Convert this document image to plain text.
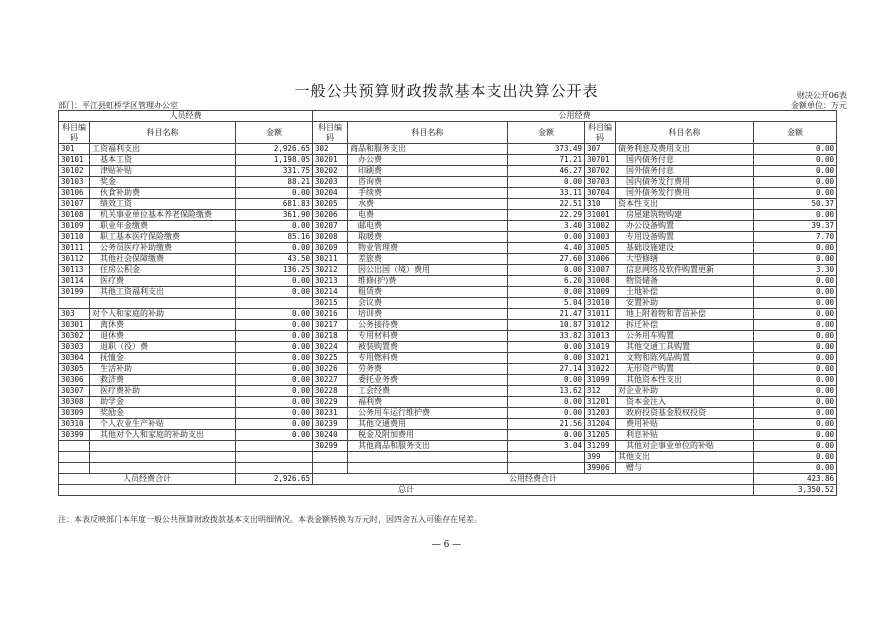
一般公共预算财政拨款基本支出决算公开表	财决公开06表
部门：平江县虹桥学区管理办公室	金额单位：万元
人员经费			公用经费					
科目编码	科目名称	金额	科目编码	科目名称	金额	科目编码	科目名称	金额
301	工资福利支出	2,926.65	302	商品和服务支出	373.49	307	债务利息及费用支出	0.00
30101	　基本工资	1,198.05	30201	　办公费	71.21	30701	　国内债务付息	0.00
30102	　津贴补贴	331.75	30202	　印刷费	46.27	30702	　国外债务付息	0.00
30103	　奖金	88.21	30203	　咨询费	0.00	30703	　国内债务发行费用	0.00
30106	　伙食补助费	0.00	30204	　手续费	33.11	30704	　国外债务发行费用	0.00
30107	　绩效工资	681.83	30205	　水费	22.51	310	资本性支出	50.37
30108	　机关事业单位基本养老保险缴费	361.90	30206	　电费	22.29	31001	　房屋建筑物购建	0.00
30109	　职业年金缴费	0.00	30207	　邮电费	3.40	31002	　办公设备购置	39.37
30110	　职工基本医疗保险缴费	85.16	30208	　取暖费	0.00	31003	　专用设备购置	7.70
30111	　公务员医疗补助缴费	0.00	30209	　物业管理费	4.40	31005	　基础设施建设	0.00
30112	　其他社会保障缴费	43.50	30211	　差旅费	27.60	31006	　大型修缮	0.00
30113	　住房公积金	136.25	30212	　因公出国（境）费用	0.00	31007	　信息网络及软件购置更新	3.30
30114	　医疗费	0.00	30213	　维修(护)费	6.20	31008	　物资储备	0.00
30199	　其他工资福利支出	0.00	30214	　租赁费	0.00	31009	　土地补偿	0.00
			30215	　会议费	5.04	31010	　安置补助	0.00
303	对个人和家庭的补助	0.00	30216	　培训费	21.47	31011	　地上附着物和青苗补偿	0.00
30301	　离休费	0.00	30217	　公务接待费	10.87	31012	　拆迁补偿	0.00
30302	　退休费	0.00	30218	　专用材料费	33.82	31013	　公务用车购置	0.00
30303	　退职（役）费	0.00	30224	　被装购置费	0.00	31019	　其他交通工具购置	0.00
30304	　抚恤金	0.00	30225	　专用燃料费	0.00	31021	　文物和陈列品购置	0.00
30305	　生活补助	0.00	30226	　劳务费	27.14	31022	　无形资产购置	0.00
30306	　救济费	0.00	30227	　委托业务费	0.00	31099	　其他资本性支出	0.00
30307	　医疗费补助	0.00	30228	　工会经费	13.62	312	对企业补助	0.00
30308	　助学金	0.00	30229	　福利费	0.00	31201	　资本金注入	0.00
30309	　奖励金	0.00	30231	　公务用车运行维护费	0.00	31203	　政府投资基金股权投资	0.00
30310	　个人农业生产补贴	0.00	30239	　其他交通费用	21.56	31204	　费用补贴	0.00
30399	　其他对个人和家庭的补助支出	0.00	30240	　税金及附加费用	0.00	31205	　利息补贴	0.00
			30299	　其他商品和服务支出	3.04	31299	　其他对企事业单位的补贴	0.00
						399	其他支出	0.00
						39906	　赠与	0.00
人员经费合计		2,926.65	公用经费合计					423.86
总计								3,350.52
注：本表反映部门本年度一般公共预算财政拨款基本支出明细情况。本表金额转换为万元时，因四舍五入可能存在尾差。
— 6 —
